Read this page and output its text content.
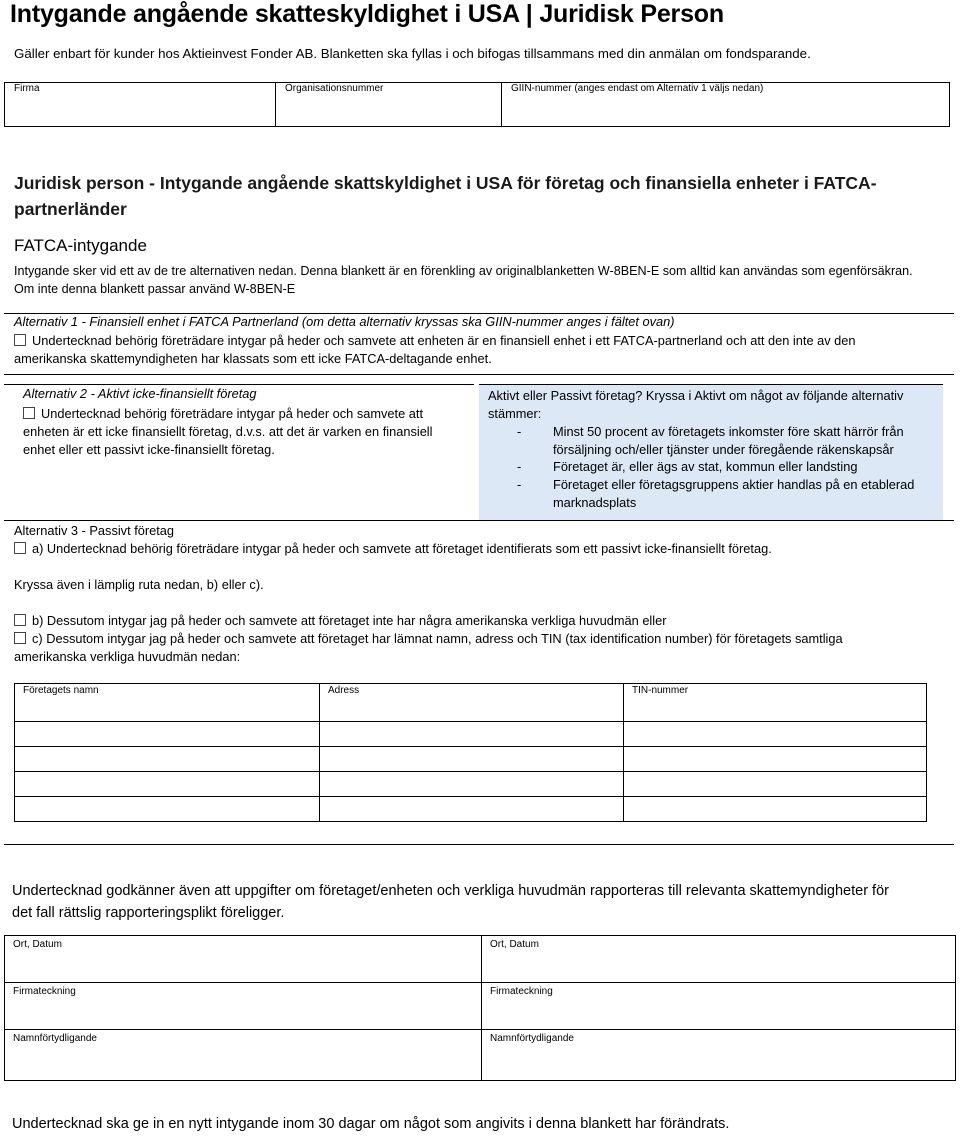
Intygande angående skatteskyldighet i USA | Juridisk Person
Gäller enbart för kunder hos Aktieinvest Fonder AB. Blanketten ska fyllas i och bifogas tillsammans med din anmälan om fondsparande.
Firma	Organisationsnummer	GIIN-nummer (anges endast om Alternativ 1 väljs nedan)
Juridisk person - Intygande angående skattskyldighet i USA för företag och finansiella enheter i FATCA-partnerländer
FATCA-intygande
Intygande sker vid ett av de tre alternativen nedan. Denna blankett är en förenkling av originalblanketten W-8BEN-E som alltid kan användas som egenförsäkran.
Om inte denna blankett passar använd W-8BEN-E
Alternativ 1 - Finansiell enhet i FATCA Partnerland (om detta alternativ kryssas ska GIIN-nummer anges i fältet ovan)
Undertecknad behörig företrädare intygar på heder och samvete att enheten är en finansiell enhet i ett FATCA-partnerland och att den inte av den
amerikanska skattemyndigheten har klassats som ett icke FATCA-deltagande enhet.
Alternativ 2 - Aktivt icke-finansiellt företag
Undertecknad behörig företrädare intygar på heder och samvete att
enheten är ett icke finansiellt företag, d.v.s. att det är varken en finansiell
enhet eller ett passivt icke-finansiellt företag.
Aktivt eller Passivt företag? Kryssa i Aktivt om något av följande alternativ
stämmer:
- Minst 50 procent av företagets inkomster före skatt härrör från
försäljning och/eller tjänster under föregående räkenskapsår
- Företaget är, eller ägs av stat, kommun eller landsting
- Företaget eller företagsgruppens aktier handlas på en etablerad
marknadsplats
Alternativ 3 - Passivt företag
a) Undertecknad behörig företrädare intygar på heder och samvete att företaget identifierats som ett passivt icke-finansiellt företag.
Kryssa även i lämplig ruta nedan, b) eller c).
b) Dessutom intygar jag på heder och samvete att företaget inte har några amerikanska verkliga huvudmän eller
c) Dessutom intygar jag på heder och samvete att företaget har lämnat namn, adress och TIN (tax identification number) för företagets samtliga
amerikanska verkliga huvudmän nedan:
Företagets namn	Adress	TIN-nummer

Undertecknad godkänner även att uppgifter om företaget/enheten och verkliga huvudmän rapporteras till relevanta skattemyndigheter för
det fall rättslig rapporteringsplikt föreligger.
Ort, Datum	Ort, Datum
Firmateckning	Firmateckning
Namnförtydligande	Namnförtydligande
Undertecknad ska ge in en nytt intygande inom 30 dagar om något som angivits i denna blankett har förändrats.
